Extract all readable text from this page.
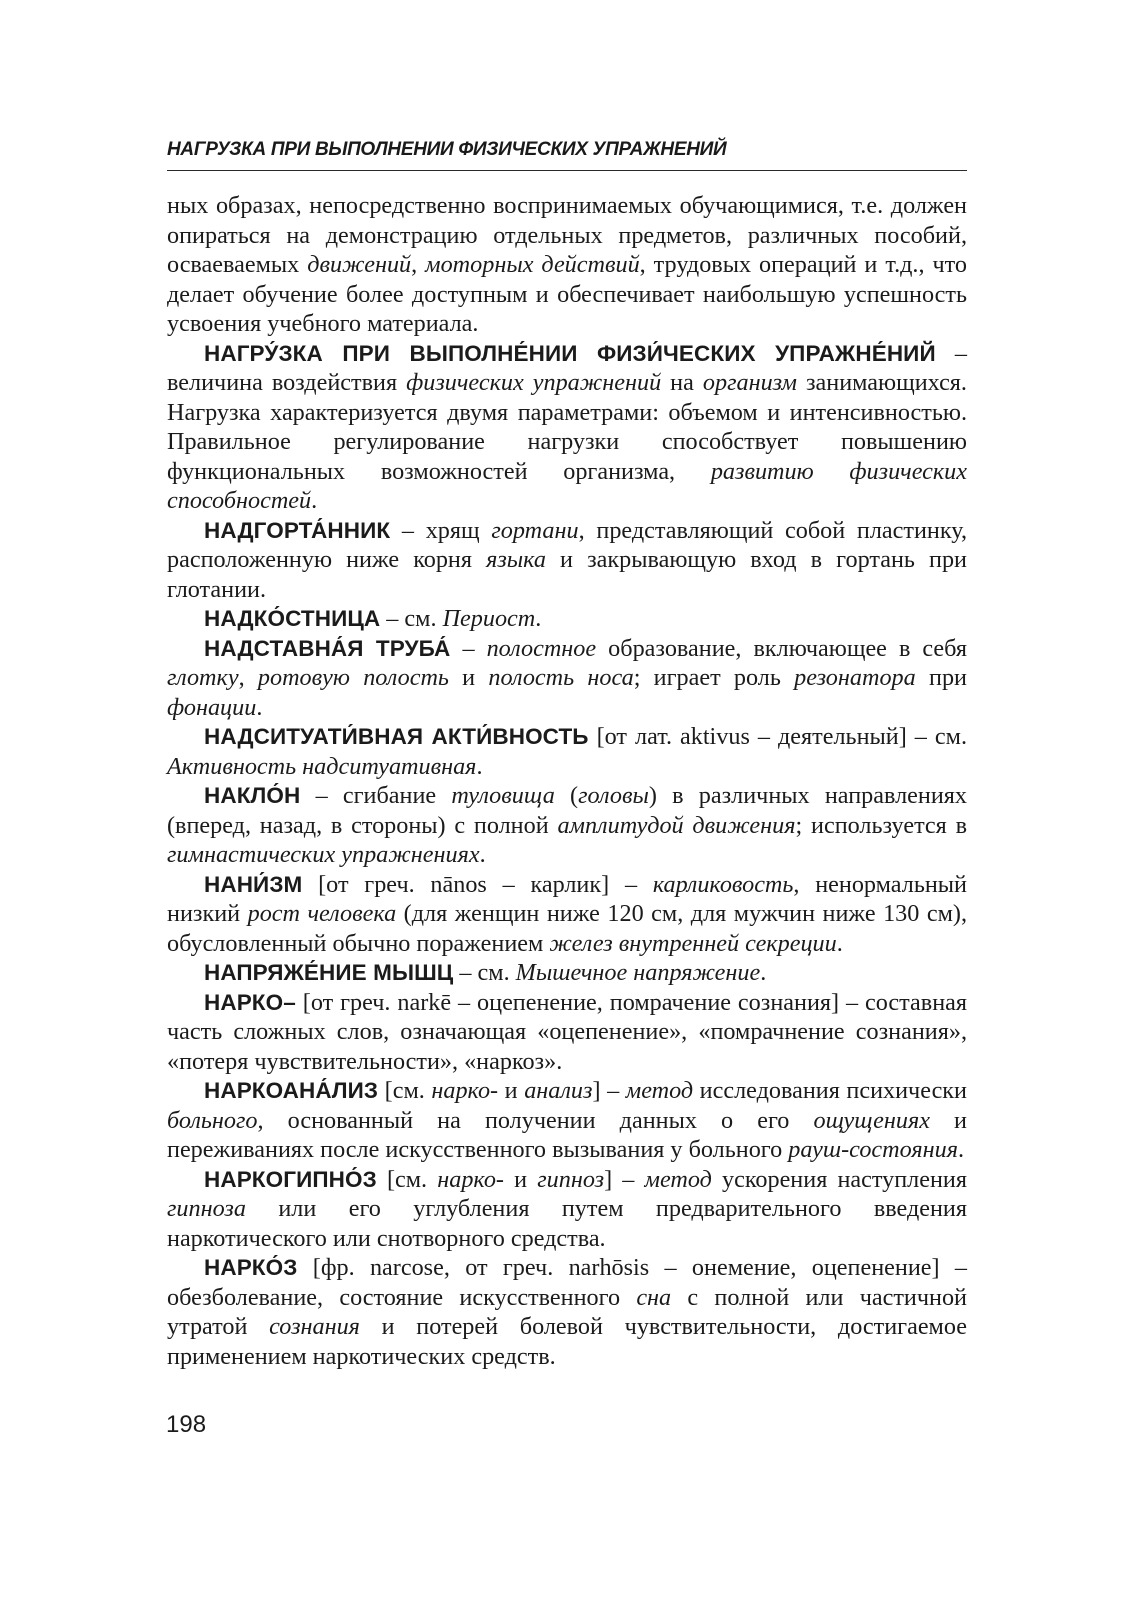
НАГРУЗКА ПРИ ВЫПОЛНЕНИИ ФИЗИЧЕСКИХ УПРАЖНЕНИЙ

ных образах, непосредственно воспринимаемых обучающимися, т.е. должен опираться на демонстрацию отдельных предметов, различных пособий, осваеваемых движений, моторных действий, трудовых операций и т.д., что делает обучение более доступным и обеспечивает наибольшую успешность усвоения учебного материала.

НАГРУ́ЗКА ПРИ ВЫПОЛНЕ́НИИ ФИЗИ́ЧЕСКИХ УПРАЖНЕ́НИЙ – величина воздействия физических упражнений на организм занимающихся. Нагрузка характеризуется двумя параметрами: объемом и интенсивностью. Правильное регулирование нагрузки способствует повышению функциональных возможностей организма, развитию физических способностей.

НАДГОРТА́ННИК – хрящ гортани, представляющий собой пластинку, расположенную ниже корня языка и закрывающую вход в гортань при глотании.

НАДКО́СТНИЦА – см. Периост.

НАДСТАВНА́Я ТРУБА́ – полостное образование, включающее в себя глотку, ротовую полость и полость носа; играет роль резонатора при фонации.

НАДСИТУАТИ́ВНАЯ АКТИ́ВНОСТЬ [от лат. aktivus – деятельный] – см. Активность надситуативная.

НАКЛО́Н – сгибание туловища (головы) в различных направлениях (вперед, назад, в стороны) с полной амплитудой движения; используется в гимнастических упражнениях.

НАНИ́ЗМ [от греч. nānos – карлик] – карликовость, ненормальный низкий рост человека (для женщин ниже 120 см, для мужчин ниже 130 см), обусловленный обычно поражением желез внутренней секреции.

НАПРЯЖЕ́НИЕ МЫШЦ – см. Мышечное напряжение.

НАРКО– [от греч. narkē – оцепенение, помрачение сознания] – составная часть сложных слов, означающая «оцепенение», «помрачнение сознания», «потеря чувствительности», «наркоз».

НАРКОАНА́ЛИЗ [см. нарко- и анализ] – метод исследования психически больного, основанный на получении данных о его ощущениях и переживаниях после искусственного вызывания у больного рауш-состояния.

НАРКОГИПНО́З [см. нарко- и гипноз] – метод ускорения наступления гипноза или его углубления путем предварительного введения наркотического или снотворного средства.

НАРКО́З [фр. narcose, от греч. narhōsis – онемение, оцепенение] – обезболевание, состояние искусственного сна с полной или частичной утратой сознания и потерей болевой чувствительности, достигаемое применением наркотических средств.

198
